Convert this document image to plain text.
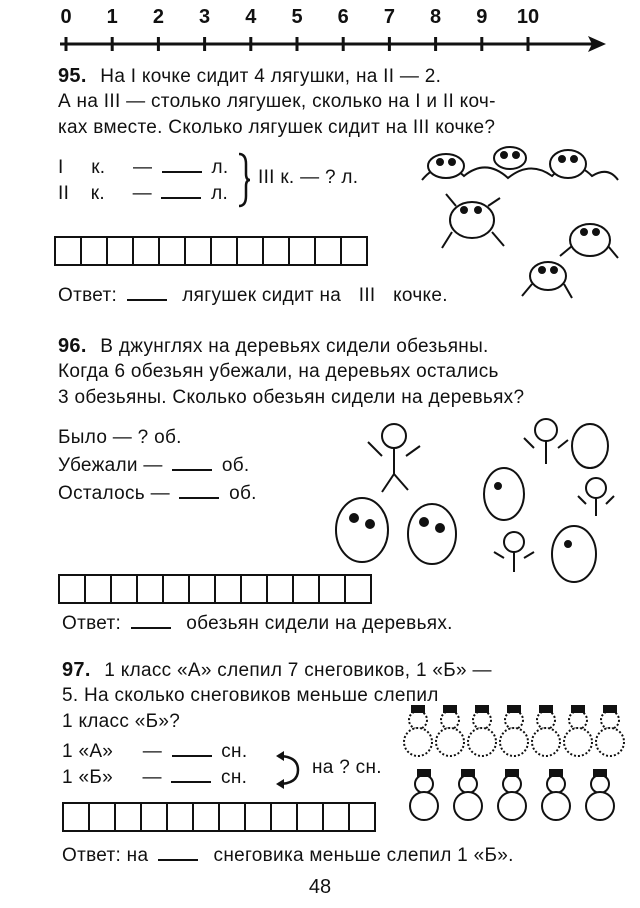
0 1 2 3 4 5 6 7 8 9 10
95. На I кочке сидит 4 лягушки, на II — 2.
А на III — столько лягушек, сколько на I и II коч-
ках вместе. Сколько лягушек сидит на III кочке?
I к. —	л.
II к. —	л.
III к. — ? л.
Ответ:	лягушек сидит на III кочке.
96. В джунглях на деревьях сидели обезьяны.
Когда 6 обезьян убежали, на деревьях остались
3 обезьяны. Сколько обезьян сидели на деревьях?
Было — ? об.
Убежали —	об.
Осталось —	об.
Ответ:	обезьян сидели на деревьях.
97. 1 класс «А» слепил 7 снеговиков, 1 «Б» —
5. На сколько снеговиков меньше слепил
1 класс «Б»?
1 «А» —	сн.
1 «Б» —	сн.	на ? сн.
Ответ: на	снеговика меньше слепил 1 «Б».
48
